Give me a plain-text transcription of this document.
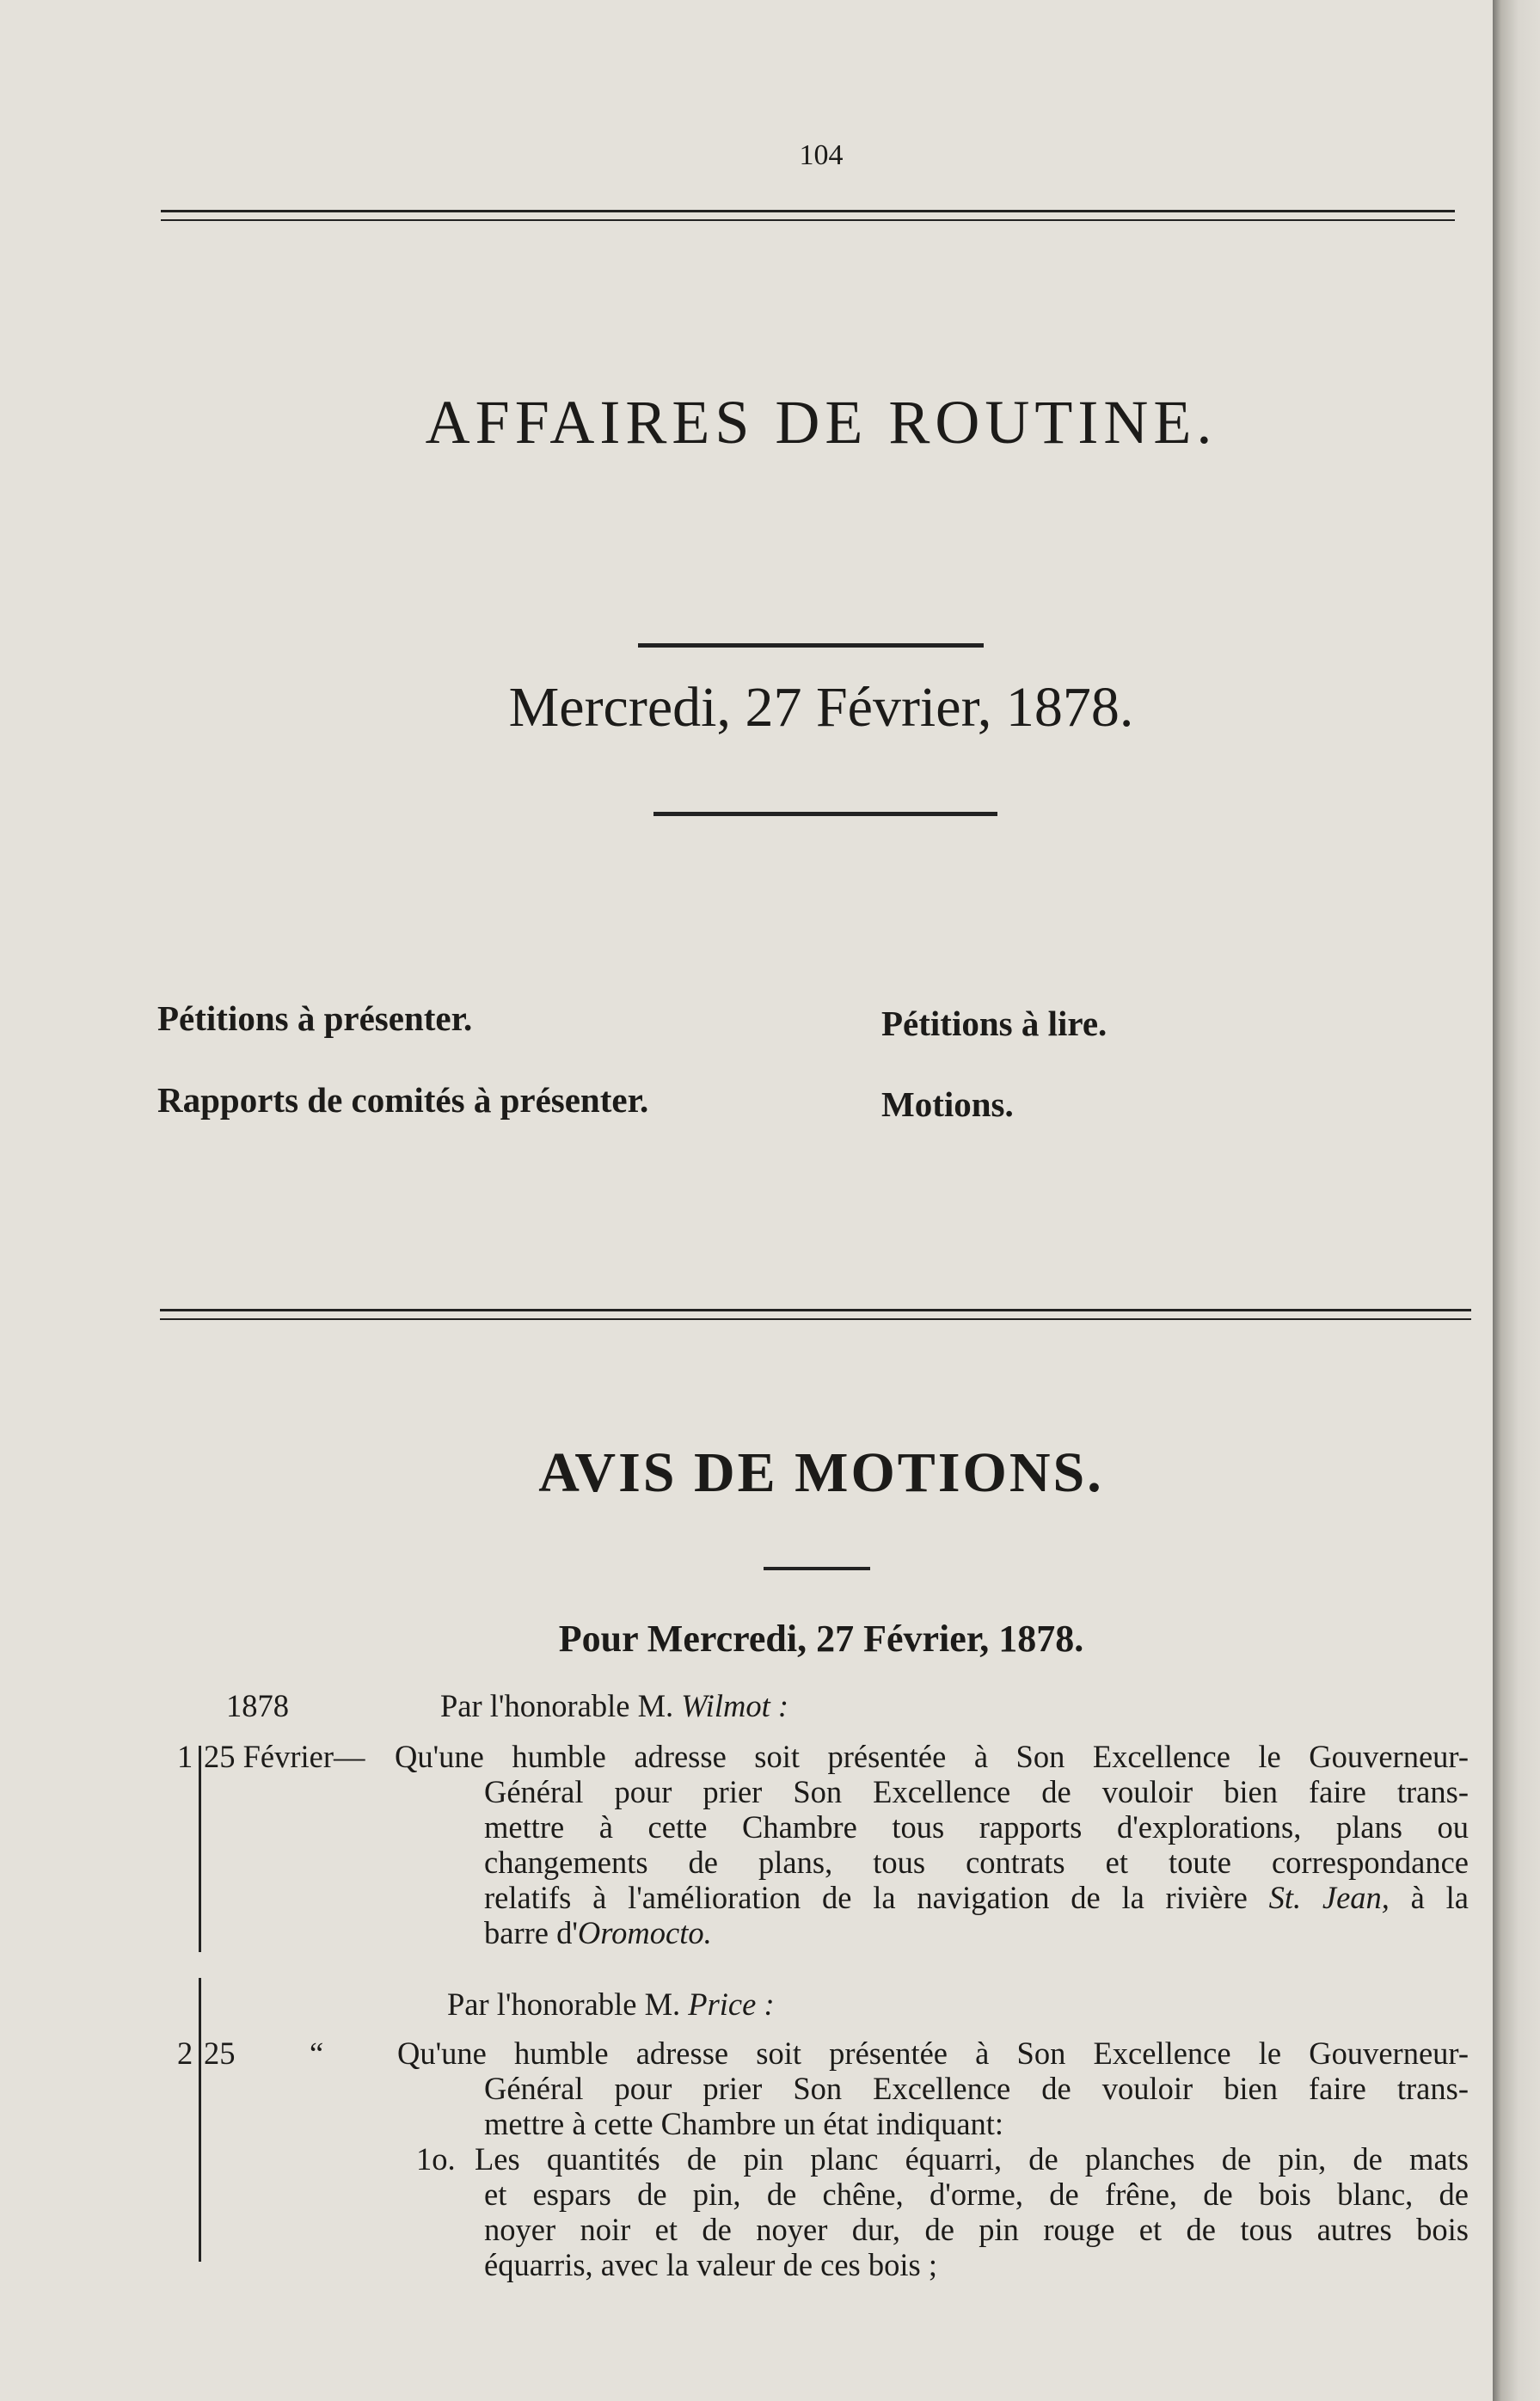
104
AFFAIRES DE ROUTINE.
Mercredi, 27 Février, 1878.
Pétitions à présenter.	Pétitions à lire.
Rapports de comités à présenter.	Motions.
AVIS DE MOTIONS.
Pour Mercredi, 27 Février, 1878.
1878	Par l'honorable M. Wilmot :
1 25 Février— Qu'une humble adresse soit présentée à Son Excellence le Gouverneur-
Général pour prier Son Excellence de vouloir bien faire trans-
mettre à cette Chambre tous rapports d'explorations, plans ou
changements de plans, tous contrats et toute correspondance
relatifs à l'amélioration de la navigation de la rivière St. Jean, à la
barre d'Oromocto.
Par l'honorable M. Price :
2 25 “ Qu'une humble adresse soit présentée à Son Excellence le Gouverneur-
Général pour prier Son Excellence de vouloir bien faire trans-
mettre à cette Chambre un état indiquant:
1o. Les quantités de pin planc équarri, de planches de pin, de mats
et espars de pin, de chêne, d'orme, de frêne, de bois blanc, de
noyer noir et de noyer dur, de pin rouge et de tous autres bois
équarris, avec la valeur de ces bois ;
